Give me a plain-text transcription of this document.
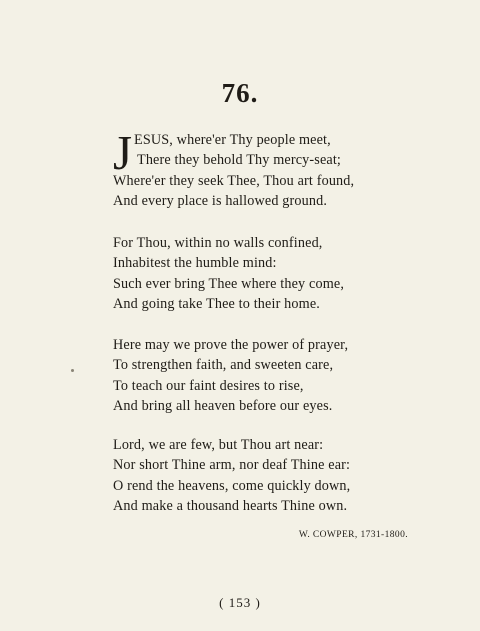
76.
J ESUS, where'er Thy people meet,
There they behold Thy mercy-seat;
Where'er they seek Thee, Thou art found,
And every place is hallowed ground.
For Thou, within no walls confined,
Inhabitest the humble mind:
Such ever bring Thee where they come,
And going take Thee to their home.
Here may we prove the power of prayer,
To strengthen faith, and sweeten care,
To teach our faint desires to rise,
And bring all heaven before our eyes.
Lord, we are few, but Thou art near:
Nor short Thine arm, nor deaf Thine ear:
O rend the heavens, come quickly down,
And make a thousand hearts Thine own.
W. COWPER, 1731-1800.
( 153 )
